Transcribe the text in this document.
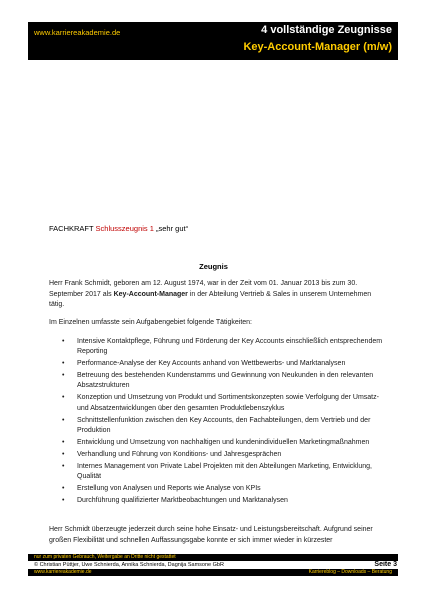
www.karriereakademie.de	4 vollständige Zeugnisse
Key-Account-Manager (m/w)
FACHKRAFT Schlusszeugnis 1 „sehr gut“
Zeugnis
Herr Frank Schmidt, geboren am 12. August 1974, war in der Zeit vom 01. Januar 2013 bis zum 30. September 2017 als Key-Account-Manager in der Abteilung Vertrieb & Sales in unserem Unternehmen tätig.
Im Einzelnen umfasste sein Aufgabengebiet folgende Tätigkeiten:
• Intensive Kontaktpflege, Führung und Förderung der Key Accounts einschließlich entsprechendem Reporting
• Performance-Analyse der Key Accounts anhand von Wettbewerbs- und Marktanalysen
• Betreuung des bestehenden Kundenstamms und Gewinnung von Neukunden in den relevanten Absatzstrukturen
• Konzeption und Umsetzung von Produkt und Sortimentskonzepten sowie Verfolgung der Umsatz- und Absatzentwicklungen über den gesamten Produktlebenszyklus
• Schnittstellenfunktion zwischen den Key Accounts, den Fachabteilungen, dem Vertrieb und der Produktion
• Entwicklung und Umsetzung von nachhaltigen und kundenindividuellen Marketingmaßnahmen
• Verhandlung und Führung von Konditions- und Jahresgesprächen
• Internes Management von Private Label Projekten mit den Abteilungen Marketing, Entwicklung, Qualität
• Erstellung von Analysen und Reports wie Analyse von KPIs
• Durchführung qualifizierter Marktbeobachtungen und Marktanalysen
Herr Schmidt überzeugte jederzeit durch seine hohe Einsatz- und Leistungsbereitschaft. Aufgrund seiner großen Flexibilität und schnellen Auffassungsgabe konnte er sich immer wieder in kürzester
nur zum privaten Gebrauch, Weitergabe an Dritte nicht gestattet
© Christian Püttjer, Uwe Schnierda, Annika Schnierda, Dagnija Samsone GbR	Seite 3
www.karriereakademie.de	Karriereblog – Downloads – Beratung
